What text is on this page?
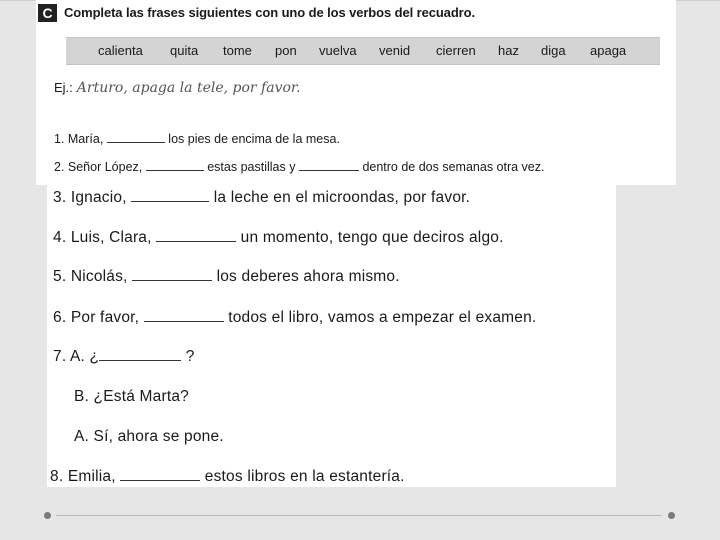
C Completa las frases siguientes con uno de los verbos del recuadro.
calienta quita tome pon vuelva venid cierren haz diga apaga
Ej.: Arturo, apaga la tele, por favor.
1. María,	los pies de encima de la mesa.
2. Señor López,	estas pastillas y	dentro de dos semanas otra vez.
3. Ignacio,	la leche en el microondas, por favor.
4. Luis, Clara,	un momento, tengo que deciros algo.
5. Nicolás,	los deberes ahora mismo.
6. Por favor,	todos el libro, vamos a empezar el examen.
7. A. ¿	?
B. ¿Está Marta?
A. Sí, ahora se pone.
8. Emilia,	estos libros en la estantería.
